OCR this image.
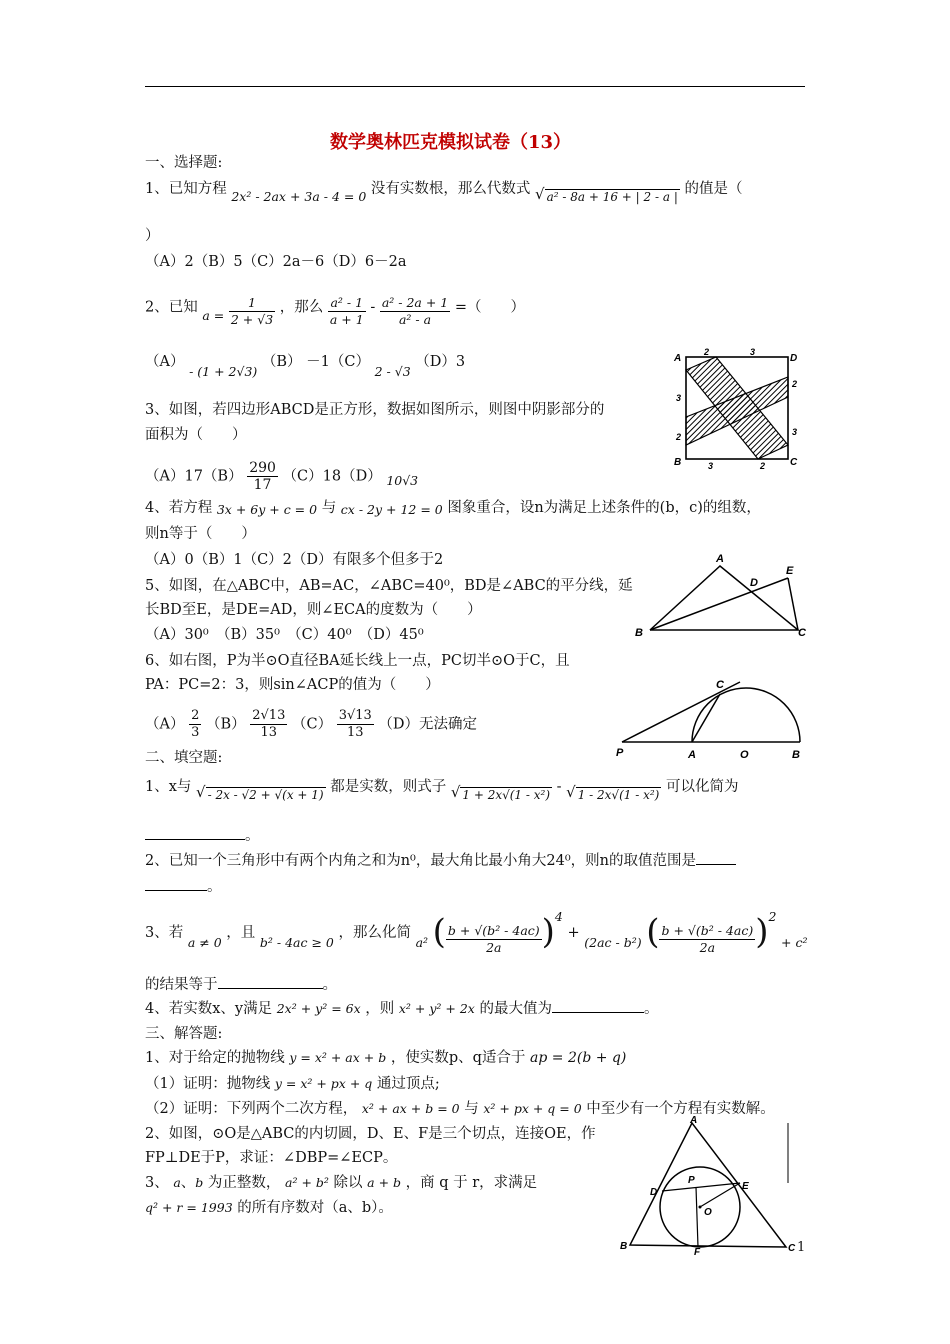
数学奥林匹克模拟试卷（13）
一、选择题:
1、已知方程 2x² - 2ax + 3a - 4 = 0 没有实数根，那么代数式 √ a² - 8a + 16 + | 2 - a | 的值是（
）
（A）2（B）5（C）2a－6（D）6－2a
2、已知 $a = \frac{1}{2 + √3}$ ，那么 $\frac{\text{a² - 1}}{a + 1} - \frac{\text{a² - 2a + 1}}{\text{a² - a}}$ =（　　）
（A） - (1 + 2√3) （B） －1（C） 2 - √3 （D）3
3、如图，若四边形ABCD是正方形，数据如图所示，则图中阴影部分的
面积为（　　）
$(A)17(B) \frac{290}{17} (C)18(D)$ 10√3
4、若方程 3x + 6y + c = 0 与 cx - 2y + 12 = 0 图象重合，设n为满足上述条件的(b，c)的组数，
则n等于（　　）
（A）0（B）1（C）2（D）有限多个但多于2
5、如图，在△ABC中，AB=AC，∠ABC=40⁰，BD是∠ABC的平分线，延
长BD至E，是DE=AD，则∠ECA的度数为（　　）
（A）30⁰　（B）35⁰　（C）40⁰　（D）45⁰
6、如右图，P为半⊙O直径BA延长线上一点，PC切半⊙O于C，且
PA：PC=2：3，则sin∠ACP的值为（　　）
$(A) \frac{2}{3} (B) \frac{2√13}{13} (C) \frac{3√13}{13} (D)$无法确定
二、填空题:
1、x与 √ - 2x - √2 + √(x + 1) 都是实数，则式子 √ 1 + 2x√(1 - x²) - √ 1 - 2x√(1 - x²) 可以化简为
。
2、已知一个三角形中有两个内角之和为n⁰，最大角比最小角大24⁰，则n的取值范围是
。
3、若 a ≠ 0 ，且 b² - 4ac ≥ 0 ，那么化简 a² ( $\frac{\text{b + √(b² - 4ac)}}{2a} )^4 + (2ac - b^2)$ ( $\frac{\text{b + √(b² - 4ac)}}{2a} )^2 + c^2$
的结果等于	。
4、若实数x、y满足 2x² + y² = 6x ，则 x² + y² + 2x 的最大值为	。
三、解答题:
1、对于给定的抛物线 y = x² + ax + b ，使实数p、q适合于 ap = 2(b + q)
（1）证明：抛物线 y = x² + px + q 通过顶点;
（2）证明：下列两个二次方程， x² + ax + b = 0 与 x² + px + q = 0 中至少有一个方程有实数解。
2、如图，⊙O是△ABC的内切圆，D、E、F是三个切点，连接OE，作
FP⊥DE于P，求证：∠DBP=∠ECP。
3、 a、b 为正整数， a² + b² 除以 a + b ，商 q 于 r，求满足
q² + r = 1993 的所有序数对（a、b）。
A
B	C
D
2	3
3
2
3	2
2
3
A
B	C
D
E
C
P	A	O	B
A
B	C
D
E
F
P
O
1
